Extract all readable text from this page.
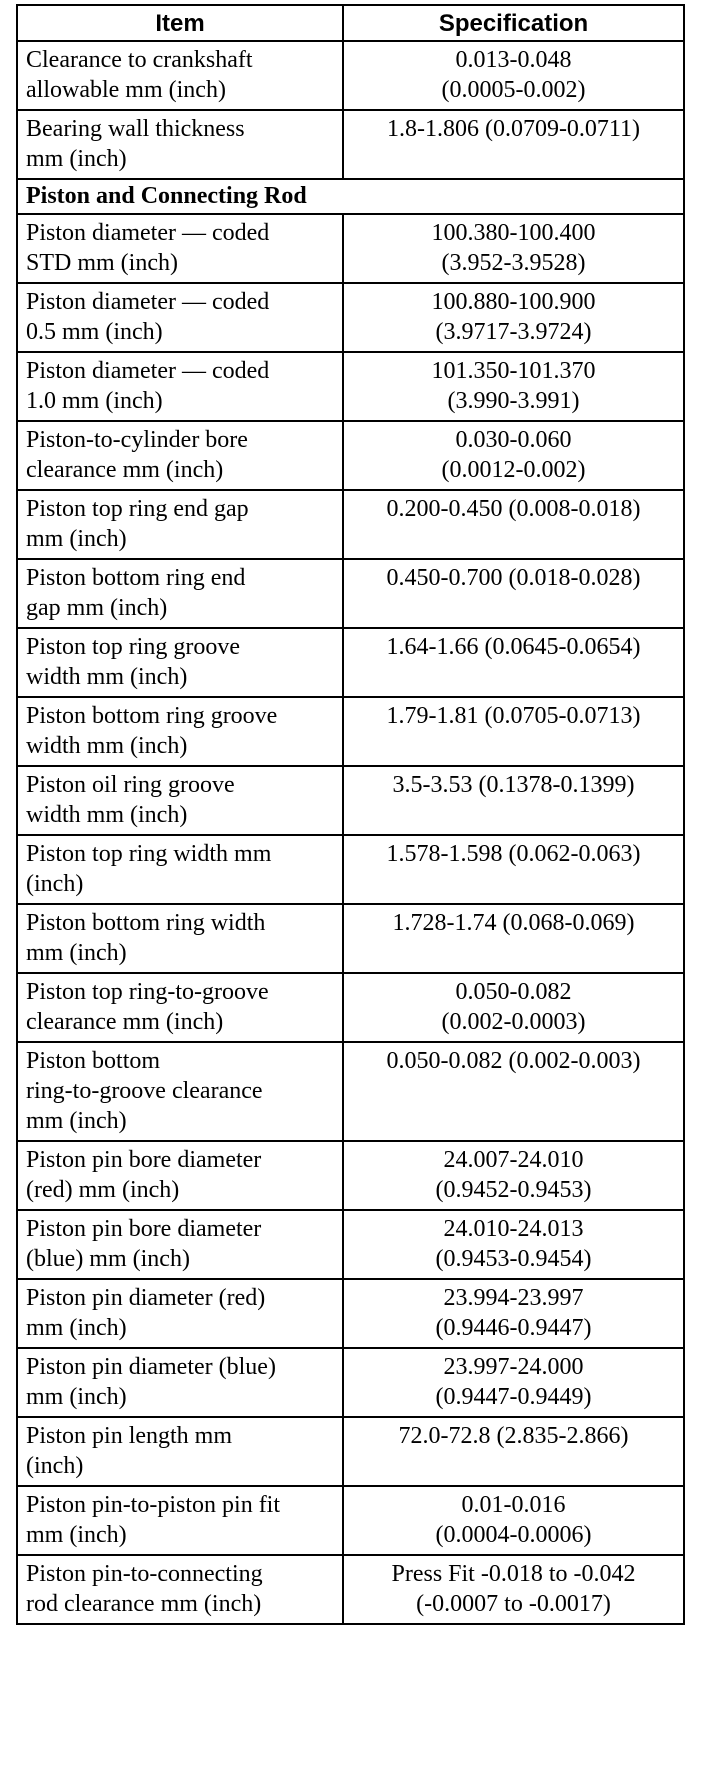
Item	Specification

Clearance to crankshaft
allowable mm (inch)	0.013-0.048
(0.0005-0.002)

Bearing wall thickness
mm (inch)	1.8-1.806 (0.0709-0.0711)

Piston and Connecting Rod	

Piston diameter — coded
STD mm (inch)	100.380-100.400
(3.952-3.9528)

Piston diameter — coded
0.5 mm (inch)	100.880-100.900
(3.9717-3.9724)

Piston diameter — coded
1.0 mm (inch)	101.350-101.370
(3.990-3.991)

Piston-to-cylinder bore
clearance mm (inch)	0.030-0.060
(0.0012-0.002)

Piston top ring end gap
mm (inch)	0.200-0.450 (0.008-0.018)

Piston bottom ring end
gap mm (inch)	0.450-0.700 (0.018-0.028)

Piston top ring groove
width mm (inch)	1.64-1.66 (0.0645-0.0654)

Piston bottom ring groove
width mm (inch)	1.79-1.81 (0.0705-0.0713)

Piston oil ring groove
width mm (inch)	3.5-3.53 (0.1378-0.1399)

Piston top ring width mm
(inch)	1.578-1.598 (0.062-0.063)

Piston bottom ring width
mm (inch)	1.728-1.74 (0.068-0.069)

Piston top ring-to-groove
clearance mm (inch)	0.050-0.082
(0.002-0.0003)

Piston bottom
ring-to-groove clearance
mm (inch)	0.050-0.082 (0.002-0.003)

Piston pin bore diameter
(red) mm (inch)	24.007-24.010
(0.9452-0.9453)

Piston pin bore diameter
(blue) mm (inch)	24.010-24.013
(0.9453-0.9454)

Piston pin diameter (red)
mm (inch)	23.994-23.997
(0.9446-0.9447)

Piston pin diameter (blue)
mm (inch)	23.997-24.000
(0.9447-0.9449)

Piston pin length mm
(inch)	72.0-72.8 (2.835-2.866)

Piston pin-to-piston pin fit
mm (inch)	0.01-0.016
(0.0004-0.0006)

Piston pin-to-connecting
rod clearance mm (inch)	Press Fit -0.018 to -0.042
(-0.0007 to -0.0017)
